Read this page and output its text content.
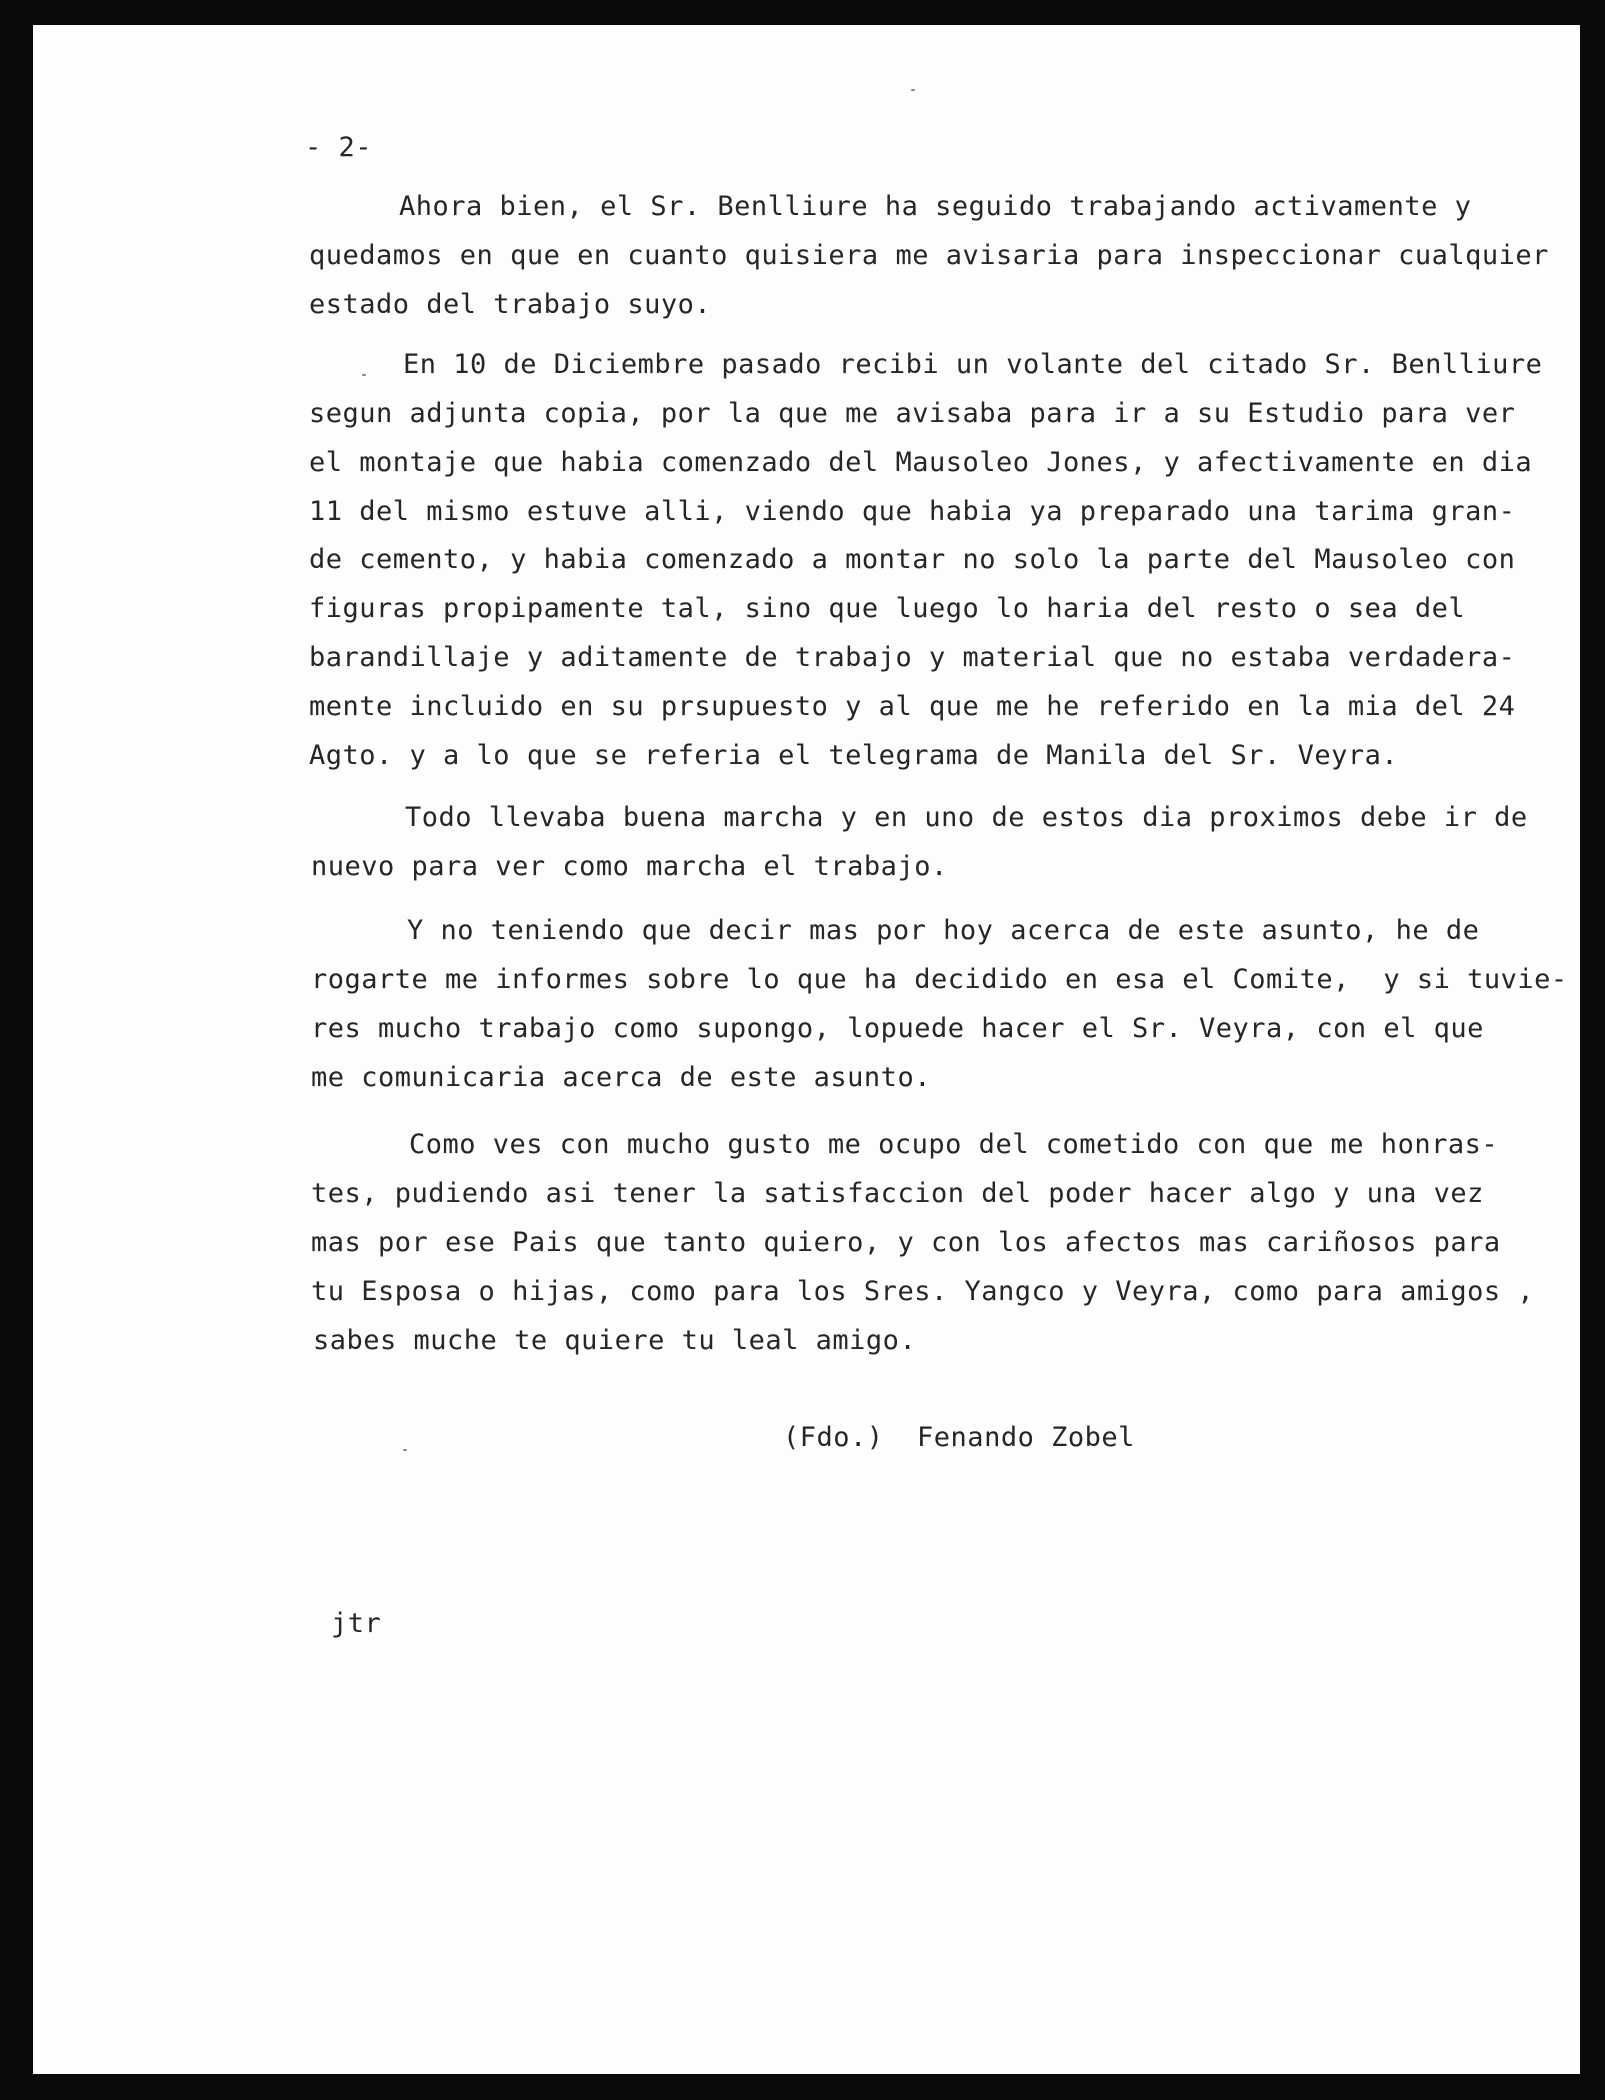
- 2-
Ahora bien, el Sr. Benlliure ha seguido trabajando activamente y
quedamos en que en cuanto quisiera me avisaria para inspeccionar cualquier
estado del trabajo suyo.
En 10 de Diciembre pasado recibi un volante del citado Sr. Benlliure
segun adjunta copia, por la que me avisaba para ir a su Estudio para ver
el montaje que habia comenzado del Mausoleo Jones, y afectivamente en dia
11 del mismo estuve alli, viendo que habia ya preparado una tarima gran-
de cemento, y habia comenzado a montar no solo la parte del Mausoleo con
figuras propipamente tal, sino que luego lo haria del resto o sea del
barandillaje y aditamente de trabajo y material que no estaba verdadera-
mente incluido en su prsupuesto y al que me he referido en la mia del 24
Agto. y a lo que se referia el telegrama de Manila del Sr. Veyra.
Todo llevaba buena marcha y en uno de estos dia proximos debe ir de
nuevo para ver como marcha el trabajo.
Y no teniendo que decir mas por hoy acerca de este asunto, he de
rogarte me informes sobre lo que ha decidido en esa el Comite,  y si tuvie-
res mucho trabajo como supongo, lopuede hacer el Sr. Veyra, con el que
me comunicaria acerca de este asunto.
Como ves con mucho gusto me ocupo del cometido con que me honras-
tes, pudiendo asi tener la satisfaccion del poder hacer algo y una vez
mas por ese Pais que tanto quiero, y con los afectos mas cariñosos para
tu Esposa o hijas, como para los Sres. Yangco y Veyra, como para amigos ,
sabes muche te quiere tu leal amigo.
(Fdo.)  Fenando Zobel
jtr
